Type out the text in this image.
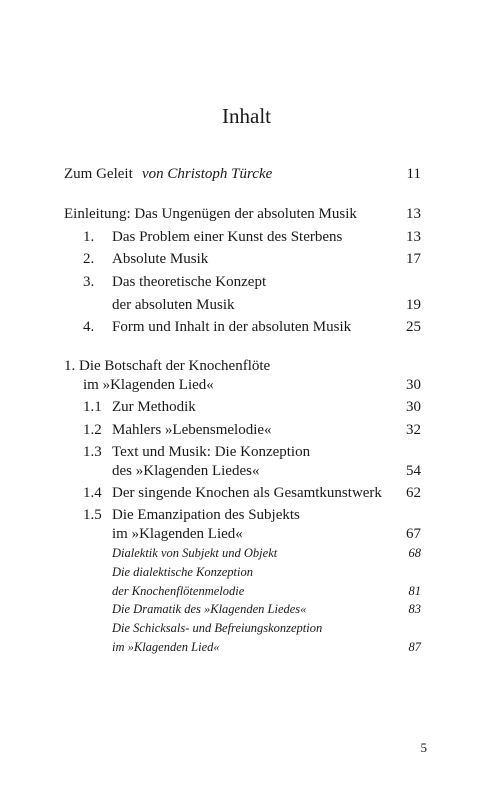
Inhalt
Zum Geleit von Christoph Türcke	11
Einleitung: Das Ungenügen der absoluten Musik	13
1. Das Problem einer Kunst des Sterbens	13
2. Absolute Musik	17
3. Das theoretische Konzept
der absoluten Musik	19
4. Form und Inhalt in der absoluten Musik	25
1. Die Botschaft der Knochenflöte
im »Klagenden Lied«	30
1.1 Zur Methodik	30
1.2 Mahlers »Lebensmelodie«	32
1.3 Text und Musik: Die Konzeption
des »Klagenden Liedes«	54
1.4 Der singende Knochen als Gesamtkunstwerk 62
1.5 Die Emanzipation des Subjekts
im »Klagenden Lied«	67
Dialektik von Subjekt und Objekt	68
Die dialektische Konzeption
der Knochenflötenmelodie	81
Die Dramatik des »Klagenden Liedes«	83
Die Schicksals- und Befreiungskonzeption
im »Klagenden Lied«	87
5
